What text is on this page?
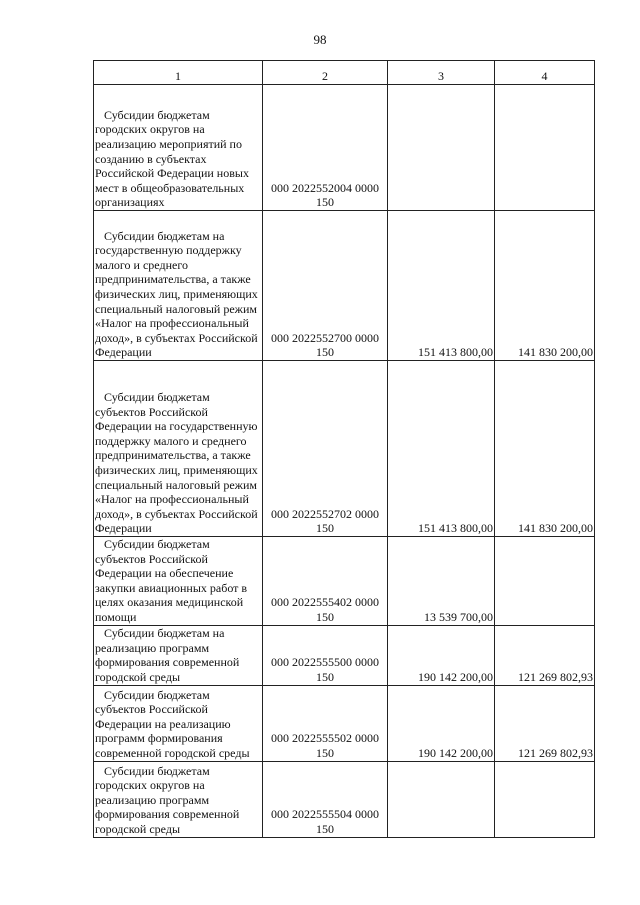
98
1	2	3	4
Субсидии бюджетам городских округов на реализацию мероприятий по созданию в субъектах Российской Федерации новых мест в общеобразовательных организациях	000 2022552004 0000 150		
Субсидии бюджетам на государственную поддержку малого и среднего предпринимательства, а также физических лиц, применяющих специальный налоговый режим «Налог на профессиональный доход», в субъектах Российской Федерации	000 2022552700 0000 150	151 413 800,00	141 830 200,00
Субсидии бюджетам субъектов Российской Федерации на государственную поддержку малого и среднего предпринимательства, а также физических лиц, применяющих специальный налоговый режим «Налог на профессиональный доход», в субъектах Российской Федерации	000 2022552702 0000 150	151 413 800,00	141 830 200,00
Субсидии бюджетам субъектов Российской Федерации на обеспечение закупки авиационных работ в целях оказания медицинской помощи	000 2022555402 0000 150	13 539 700,00	
Субсидии бюджетам на реализацию программ формирования современной городской среды	000 2022555500 0000 150	190 142 200,00	121 269 802,93
Субсидии бюджетам субъектов Российской Федерации на реализацию программ формирования современной городской среды	000 2022555502 0000 150	190 142 200,00	121 269 802,93
Субсидии бюджетам городских округов на реализацию программ формирования современной городской среды	000 2022555504 0000 150		
